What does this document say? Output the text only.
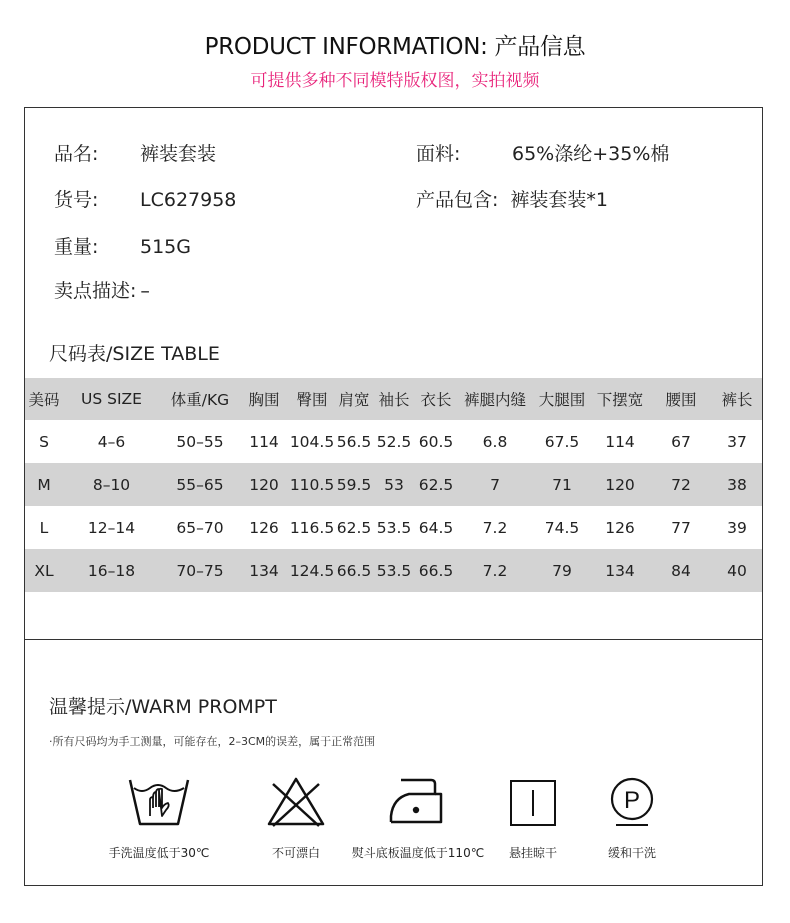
PRODUCT INFORMATION: 产品信息
可提供多种不同模特版权图，实拍视频
品名: 裤装套装	面料:	65%涤纶+35%棉
货号: LC627958	产品包含: 裤装套装*1
重量: 515G
卖点描述: –
尺码表/SIZE TABLE
美码	US SIZE	体重/KG	胸围	臀围	肩宽	袖长	衣长	裤腿内缝	大腿围	下摆宽	腰围	裤长
S	4–6	50–55	114	104.5	56.5	52.5	60.5	6.8	67.5	114	67	37
M	8–10	55–65	120	110.5	59.5	53	62.5	7	71	120	72	38
L	12–14	65–70	126	116.5	62.5	53.5	64.5	7.2	74.5	126	77	39
XL	16–18	70–75	134	124.5	66.5	53.5	66.5	7.2	79	134	84	40
温馨提示/WARM PROMPT
·所有尺码均为手工测量，可能存在，2–3CM的误差，属于正常范围
手洗温度低于30℃	不可漂白	熨斗底板温度低于110℃	悬挂晾干
P
缓和干洗
